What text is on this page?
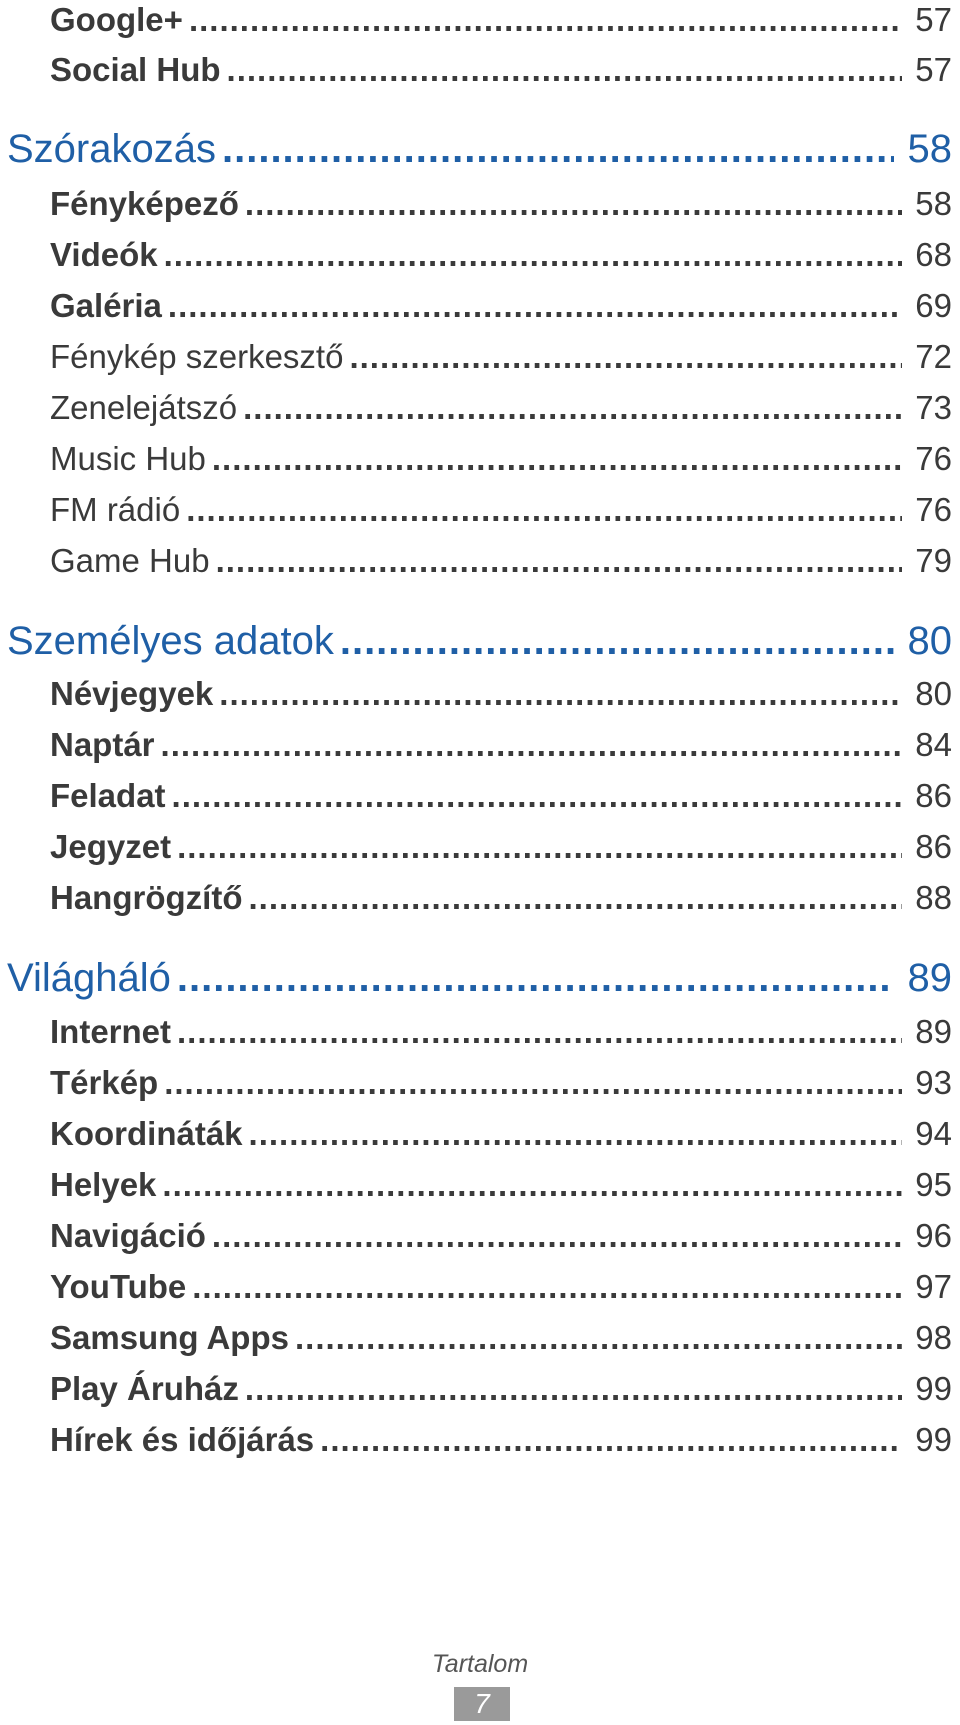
Google+ .....	57
Social Hub .....	57
Szórakozás .....	58
Fényképező .....	58
Videók .....	68
Galéria .....	69
Fénykép szerkesztő .....	72
Zenelejátszó .....	73
Music Hub .....	76
FM rádió .....	76
Game Hub .....	79
Személyes adatok .....	80
Névjegyek .....	80
Naptár .....	84
Feladat .....	86
Jegyzet .....	86
Hangrögzítő .....	88
Világháló .....	89
Internet .....	89
Térkép .....	93
Koordináták .....	94
Helyek .....	95
Navigáció .....	96
YouTube .....	97
Samsung Apps .....	98
Play Áruház .....	99
Hírek és időjárás .....	99
Tartalom
7
